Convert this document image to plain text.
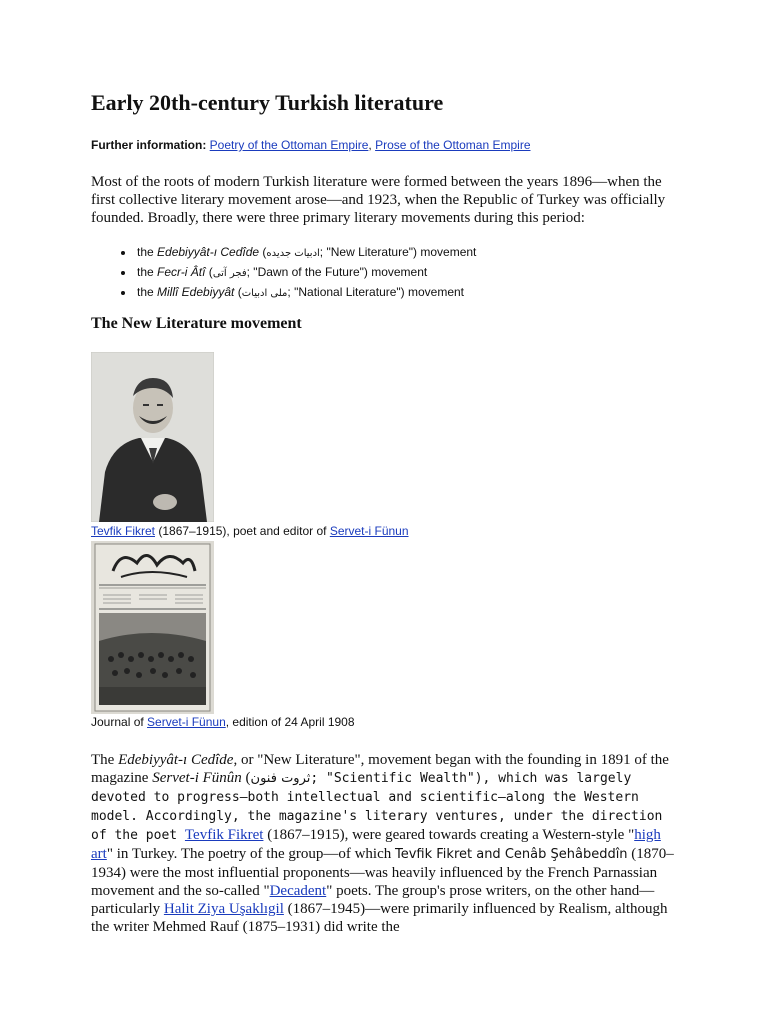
Early 20th-century Turkish literature
Further information: Poetry of the Ottoman Empire, Prose of the Ottoman Empire

Most of the roots of modern Turkish literature were formed between the years 1896—when the first collective literary movement arose—and 1923, when the Republic of Turkey was officially founded. Broadly, there were three primary literary movements during this period:

• the Edebiyyât-ı Cedîde (ادبيات جديده; "New Literature") movement
• the Fecr-i Âtî (فجر آتی; "Dawn of the Future") movement
• the Millî Edebiyyât (ملی ادبيات; "National Literature") movement
The New Literature movement
Tevfik Fikret (1867–1915), poet and editor of Servet-i Fünun
Journal of Servet-i Fünun, edition of 24 April 1908

The Edebiyyât-ı Cedîde, or "New Literature", movement began with the founding in 1891 of the magazine Servet-i Fünûn (ثروت فنون; "Scientific Wealth"), which was largely devoted to progress—both intellectual and scientific—along the Western model. Accordingly, the magazine's literary ventures, under the direction of the poet Tevfik Fikret (1867–1915), were geared towards creating a Western-style "high art" in Turkey. The poetry of the group—of which Tevfik Fikret and Cenâb Şehâbeddîn (1870–1934) were the most influential proponents—was heavily influenced by the French Parnassian movement and the so-called "Decadent" poets. The group's prose writers, on the other hand—particularly Halit Ziya Uşaklıgil (1867–1945)—were primarily influenced by Realism, although the writer Mehmed Rauf (1875–1931) did write the
